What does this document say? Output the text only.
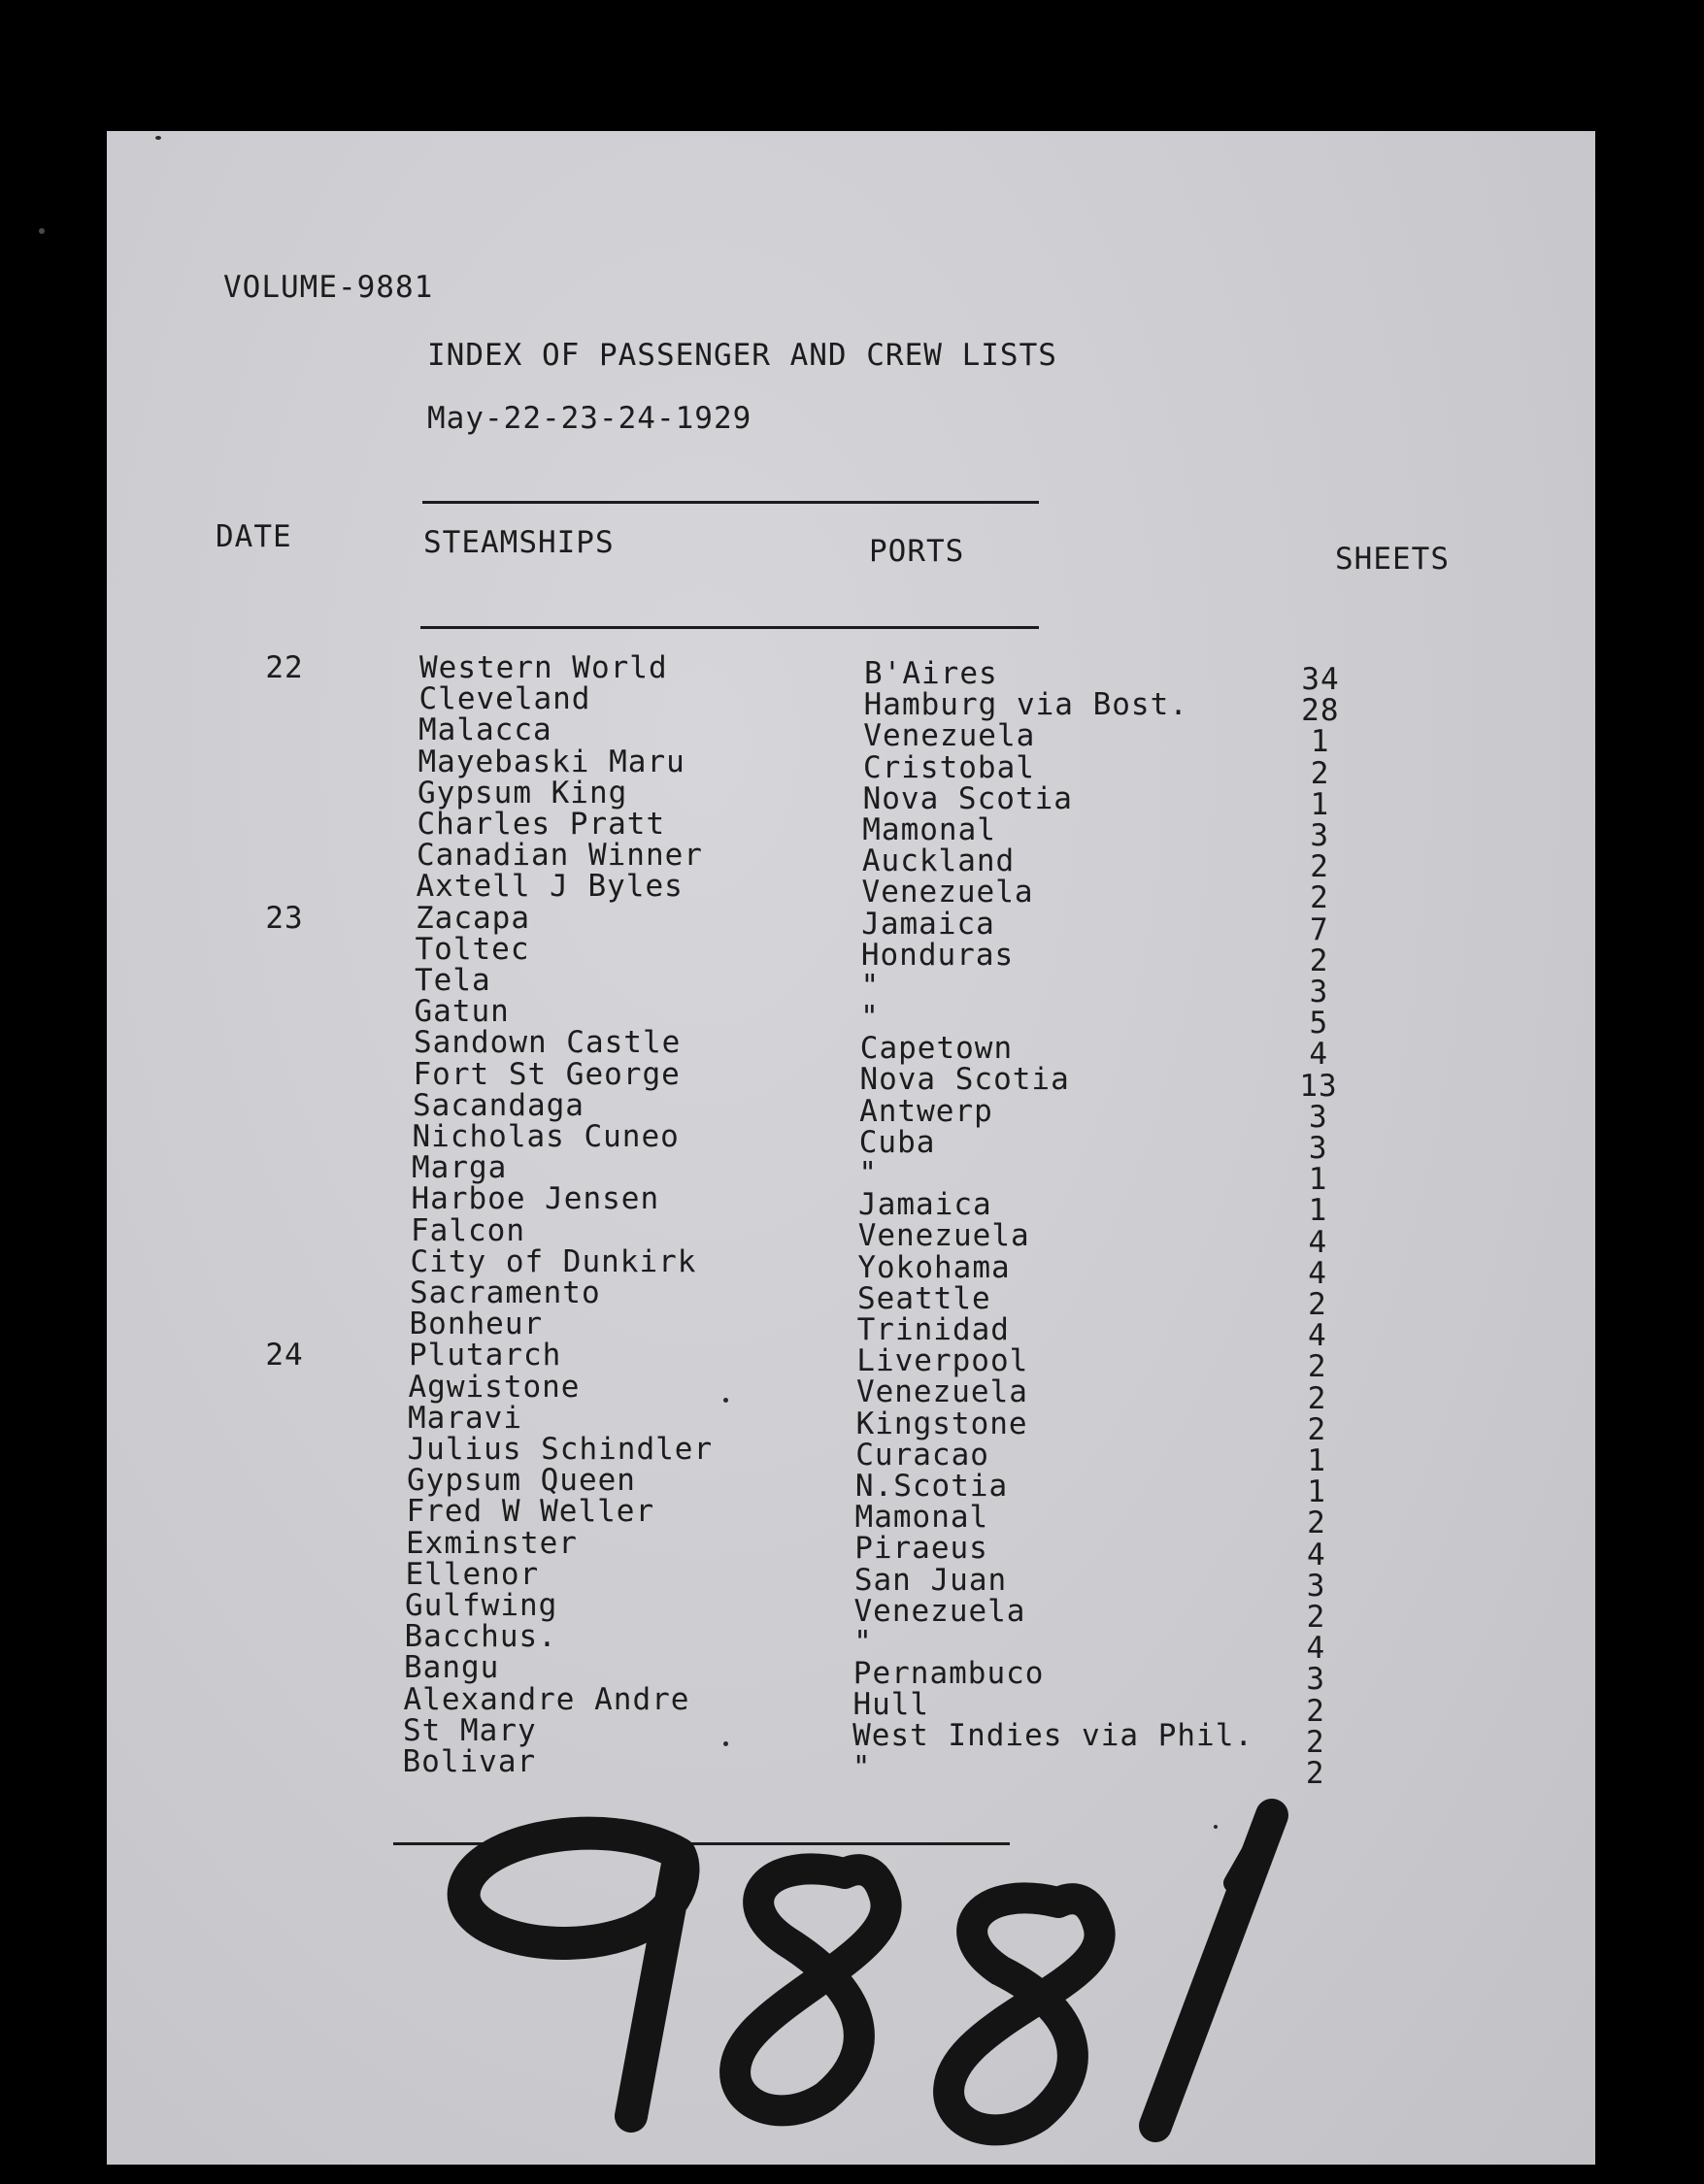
VOLUME-9881
INDEX OF PASSENGER AND CREW LISTS
May-22-23-24-1929
DATE	STEAMSHIPS	PORTS	SHEETS
22	Western World	B'Aires	34
Cleveland	Hamburg via Bost.	28
Malacca	Venezuela	1
Mayebaski Maru	Cristobal	2
Gypsum King	Nova Scotia	1
Charles Pratt	Mamonal	3
Canadian Winner	Auckland	2
Axtell J Byles	Venezuela	2
23	Zacapa	Jamaica	7
Toltec	Honduras	2
Tela	"	3
Gatun	"	5
Sandown Castle	Capetown	4
Fort St George	Nova Scotia	13
Sacandaga	Antwerp	3
Nicholas Cuneo	Cuba	3
Marga	"	1
Harboe Jensen	Jamaica	1
Falcon	Venezuela	4
City of Dunkirk	Yokohama	4
Sacramento	Seattle	2
Bonheur	Trinidad	4
24	Plutarch	Liverpool	2
Agwistone	Venezuela	2
Maravi	Kingstone	2
Julius Schindler	Curacao	1
Gypsum Queen	N.Scotia	1
Fred W Weller	Mamonal	2
Exminster	Piraeus	4
Ellenor	San Juan	3
Gulfwing	Venezuela	2
Bacchus.	"	4
Bangu	Pernambuco	3
Alexandre Andre	Hull	2
St Mary	West Indies via Phil.	2
Bolivar	"	2
